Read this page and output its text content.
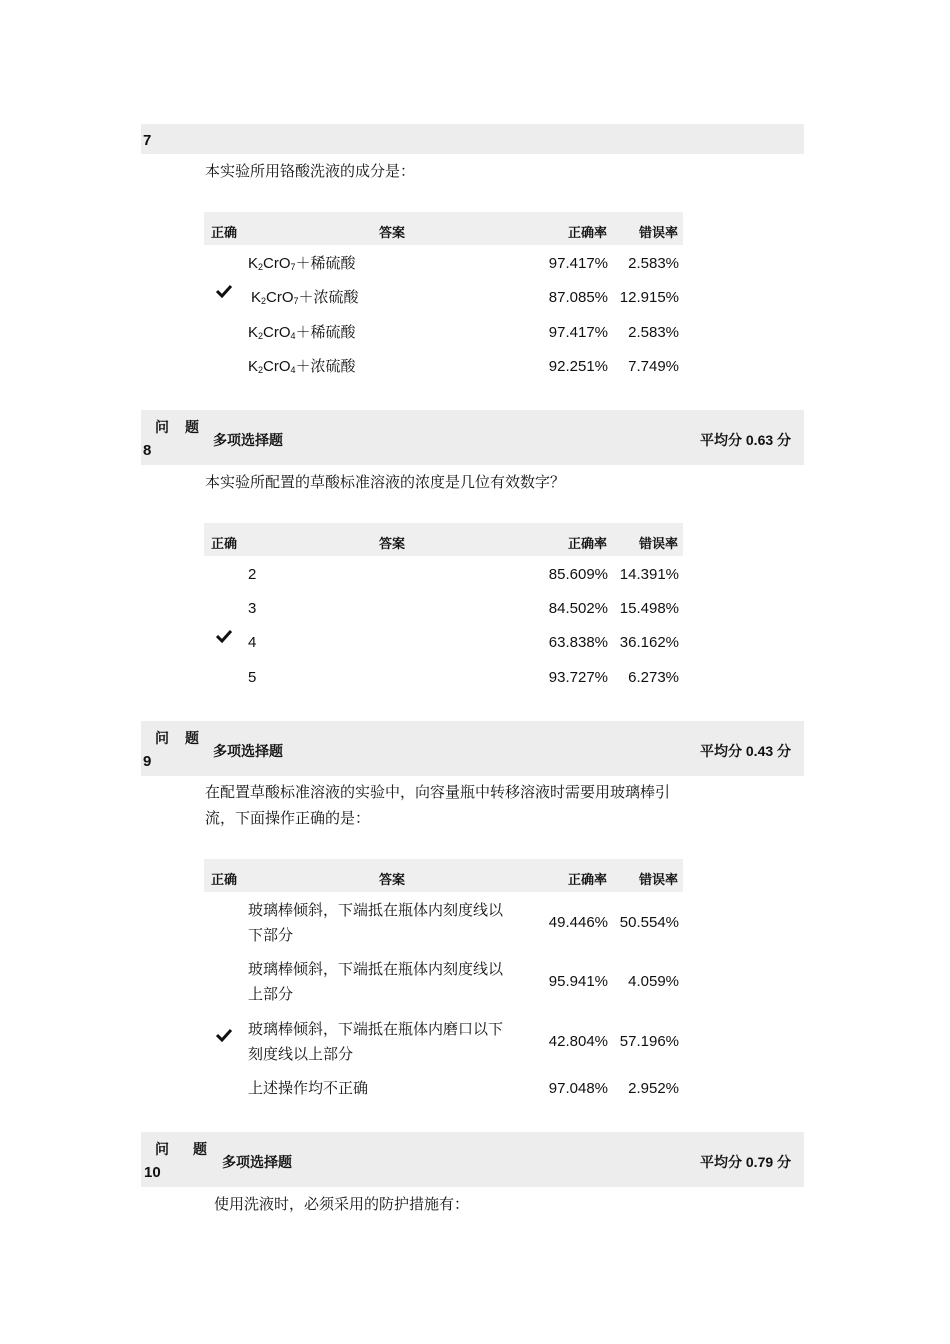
7
本实验所用铬酸洗液的成分是：
正确	答案	正确率 错误率
$K_2CrO_7+$稀硫酸	97.417%	2.583%
$K_2CrO_7+$浓硫酸	87.085% 12.915%
$K_2CrO_4+$稀硫酸	97.417%	2.583%
$K_2CrO_4+$浓硫酸	92.251%	7.749%
问 题
8
多项选择题	平均分 0.63 分
本实验所配置的草酸标准溶液的浓度是几位有效数字？
正确	答案	正确率 错误率
2	85.609% 14.391%
3	84.502% 15.498%
4	63.838% 36.162%
5	93.727%	6.273%
问 题
9
多项选择题	平均分 0.43 分
在配置草酸标准溶液的实验中，向容量瓶中转移溶液时需要用玻璃棒引
流，下面操作正确的是：
正确	答案	正确率 错误率
玻璃棒倾斜，下端抵在瓶体内刻度线以
下部分
49.446% 50.554%
玻璃棒倾斜，下端抵在瓶体内刻度线以
上部分
95.941%	4.059%
玻璃棒倾斜，下端抵在瓶体内磨口以下
刻度线以上部分
42.804% 57.196%
上述操作均不正确	97.048%	2.952%
问 题
10
多项选择题	平均分 0.79 分
使用洗液时，必须采用的防护措施有：
